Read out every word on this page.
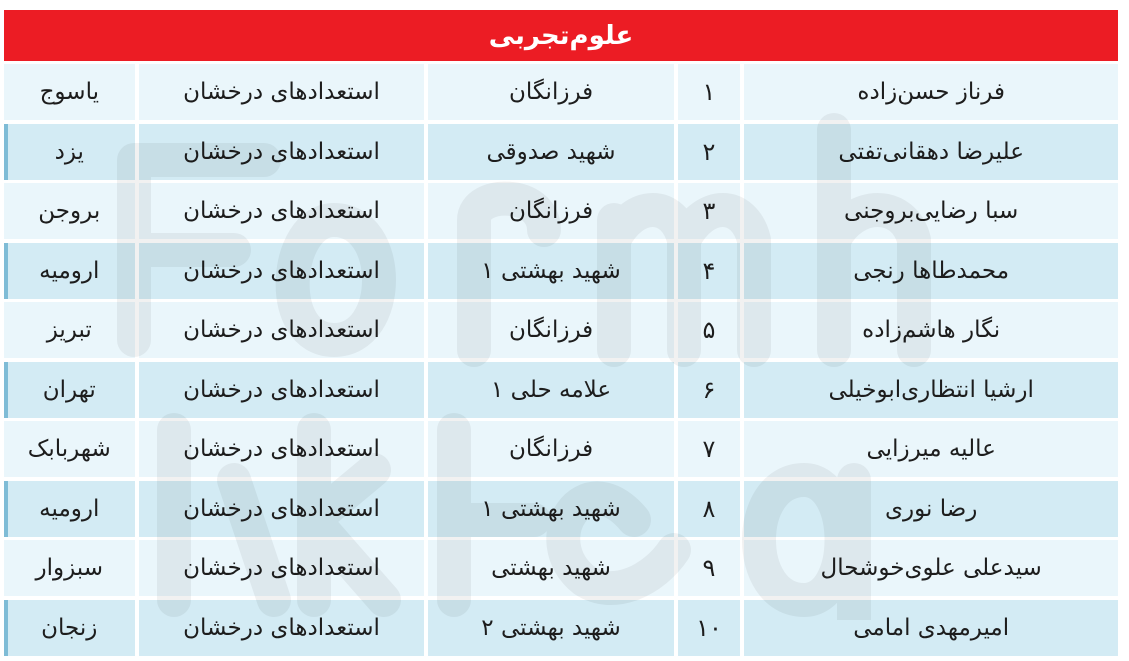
علوم‌تجربی
یاسوج	استعدادهای درخشان	فرزانگان	۱	فرناز حسن‌زاده
یزد	استعدادهای درخشان	شهید صدوقی	۲	علیرضا دهقانی‌تفتی
بروجن	استعدادهای درخشان	فرزانگان	۳	سبا رضایی‌بروجنی
ارومیه	استعدادهای درخشان	شهید بهشتی ۱	۴	محمدطاها رنجی
تبریز	استعدادهای درخشان	فرزانگان	۵	نگار هاشم‌زاده
تهران	استعدادهای درخشان	علامه حلی ۱	۶	ارشیا انتظاری‌ابوخیلی
شهربابک	استعدادهای درخشان	فرزانگان	۷	عالیه میرزایی
ارومیه	استعدادهای درخشان	شهید بهشتی ۱	۸	رضا نوری
سبزوار	استعدادهای درخشان	شهید بهشتی	۹	سیدعلی علوی‌خوشحال
زنجان	استعدادهای درخشان	شهید بهشتی ۲	۱۰	امیرمهدی امامی
